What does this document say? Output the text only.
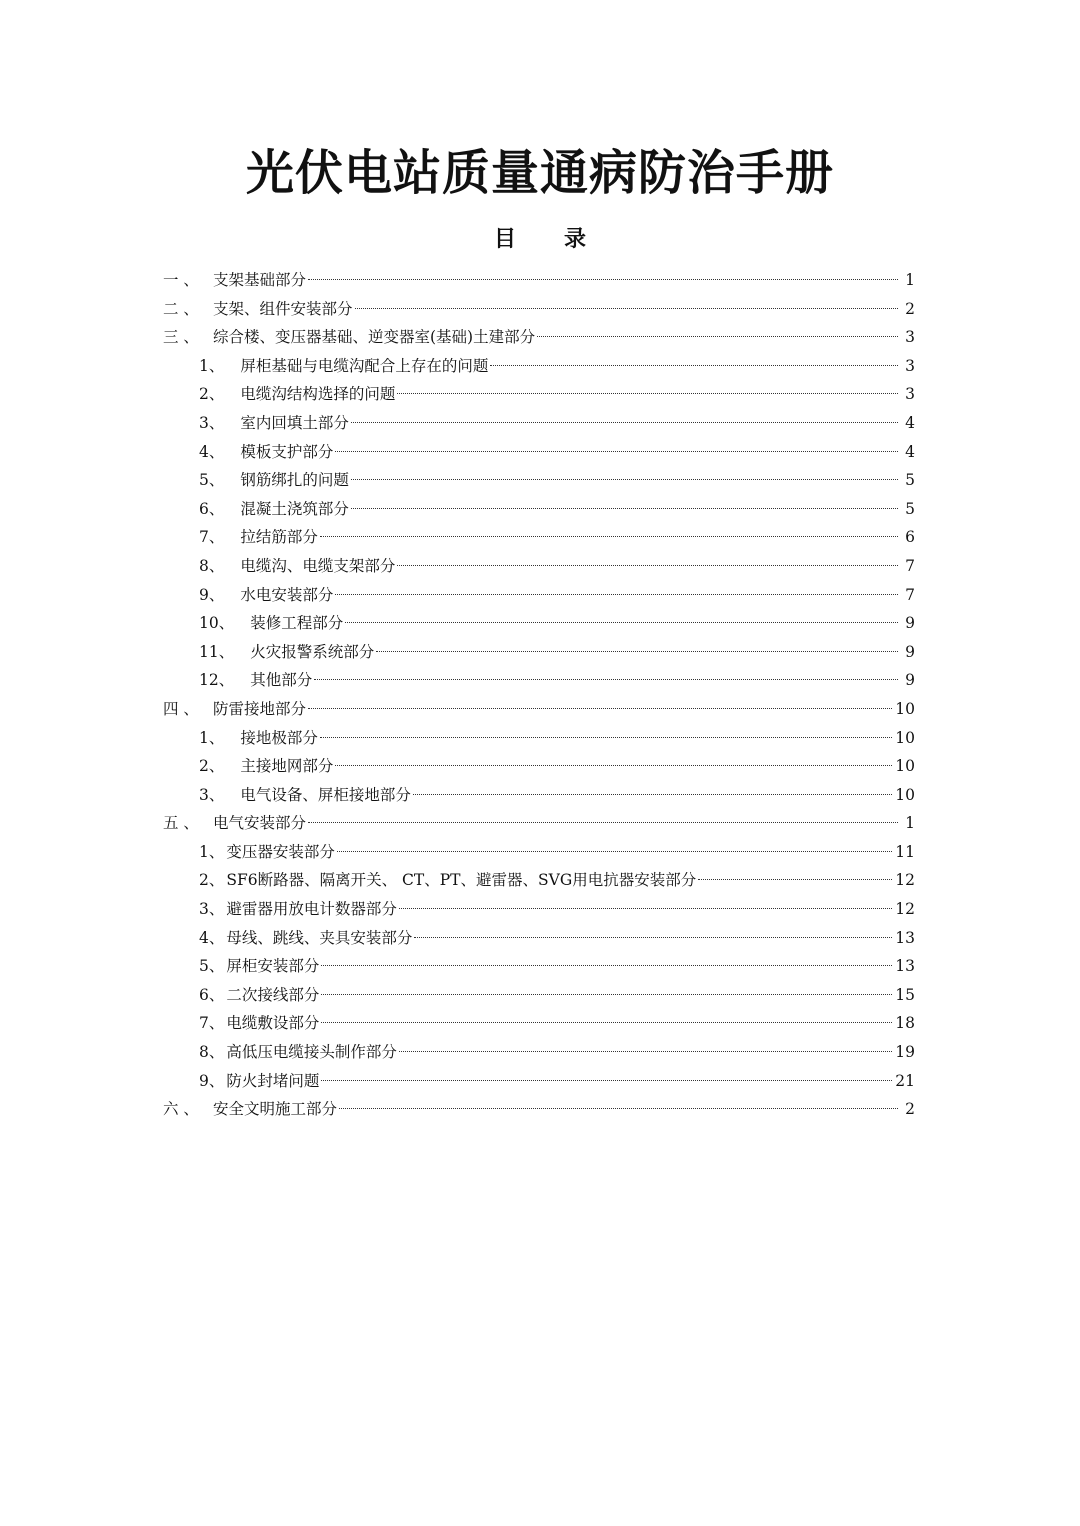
光伏电站质量通病防治手册
目 录
一 、 支架基础部分	1
二 、 支架、组件安装部分	2
三 、 综合楼、变压器基础、逆变器室(基础)土建部分	3
1、	屏柜基础与电缆沟配合上存在的问题	3
2、	电缆沟结构选择的问题	3
3、	室内回填土部分	4
4、	模板支护部分	4
5、	钢筋绑扎的问题	5
6、	混凝土浇筑部分	5
7、	拉结筋部分	6
8、	电缆沟、电缆支架部分	7
9、	水电安装部分	7
10、	装修工程部分	9
11、	火灾报警系统部分	9
12、	其他部分	9
四 、 防雷接地部分	10
1、	接地极部分	10
2、	主接地网部分	10
3、	电气设备、屏柜接地部分	10
五 、 电气安装部分	1
1、 变压器安装部分	11
2、 SF6断路器、隔离开关、 CT、PT、避雷器、SVG用电抗器安装部分	12
3、 避雷器用放电计数器部分	12
4、 母线、跳线、夹具安装部分	13
5、 屏柜安装部分	13
6、 二次接线部分	15
7、 电缆敷设部分	18
8、 高低压电缆接头制作部分	19
9、 防火封堵问题	21
六 、 安全文明施工部分	2
